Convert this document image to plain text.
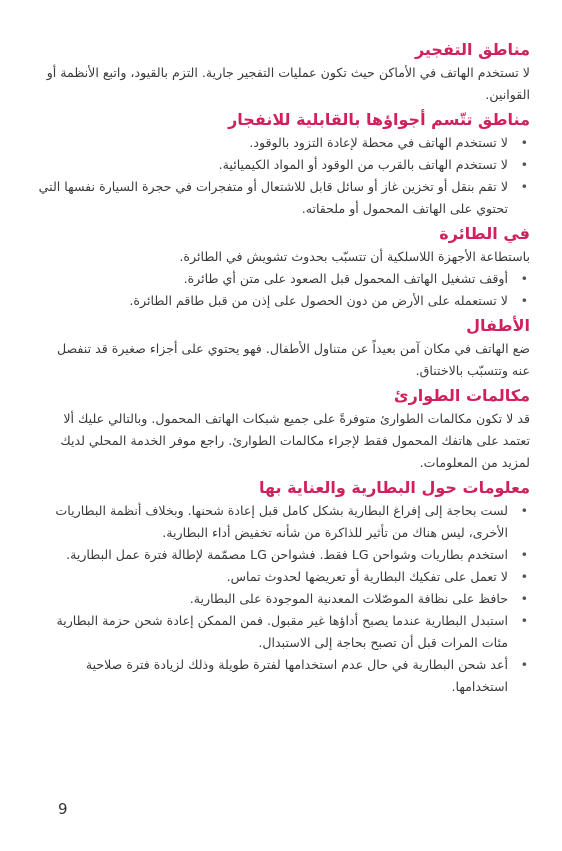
مناطق التفجير

لا تستخدم الهاتف في الأماكن حيث تكون عمليات التفجير جارية. التزم بالقيود، واتبع الأنظمة أو القوانين.

مناطق تتّسم أجواؤها بالقابلية للانفجار
•
لا تستخدم الهاتف في محطة لإعادة التزود بالوقود.
•
لا تستخدم الهاتف بالقرب من الوقود أو المواد الكيميائية.
•
لا تقم بنقل أو تخزين غاز أو سائل قابل للاشتعال أو متفجرات في حجرة السيارة نفسها التي تحتوي على الهاتف المحمول أو ملحقاته.
في الطائرة

باستطاعة الأجهزة اللاسلكية أن تتسبّب بحدوث تشويش في الطائرة.

•
أوقف تشغيل الهاتف المحمول قبل الصعود على متن أي طائرة.
•
لا تستعمله على الأرض من دون الحصول على إذن من قبل طاقم الطائرة.
الأطفال

ضع الهاتف في مكان آمن بعيداً عن متناول الأطفال. فهو يحتوي على أجزاء صغيرة قد تنفصل عنه وتتسبّب بالاختناق.

مكالمات الطوارئ

قد لا تكون مكالمات الطوارئ متوفرةً على جميع شبكات الهاتف المحمول. وبالتالي عليك ألا تعتمد على هاتفك المحمول فقط لإجراء مكالمات الطوارئ. راجع موفر الخدمة المحلي لديك لمزيد من المعلومات.

معلومات حول البطارية والعناية بها
•
لست بحاجة إلى إفراغ البطارية بشكل كامل قبل إعادة شحنها. وبخلاف أنظمة البطاريات الأخرى، ليس هناك من تأثير للذاكرة من شأنه تخفيض أداء البطارية.
•
استخدم بطاريات وشواحن LG فقط. فشواحن LG مصمّمة لإطالة فترة عمل البطارية.
•
لا تعمل على تفكيك البطارية أو تعريضها لحدوث تماس.
•
حافظ على نظافة الموصّلات المعدنية الموجودة على البطارية.
•
استبدل البطارية عندما يصبح أداؤها غير مقبول. فمن الممكن إعادة شحن حزمة البطارية مئات المرات قبل أن تصبح بحاجة إلى الاستبدال.
•
أعد شحن البطارية في حال عدم استخدامها لفترة طويلة وذلك لزيادة فترة صلاحية استخدامها.
9
